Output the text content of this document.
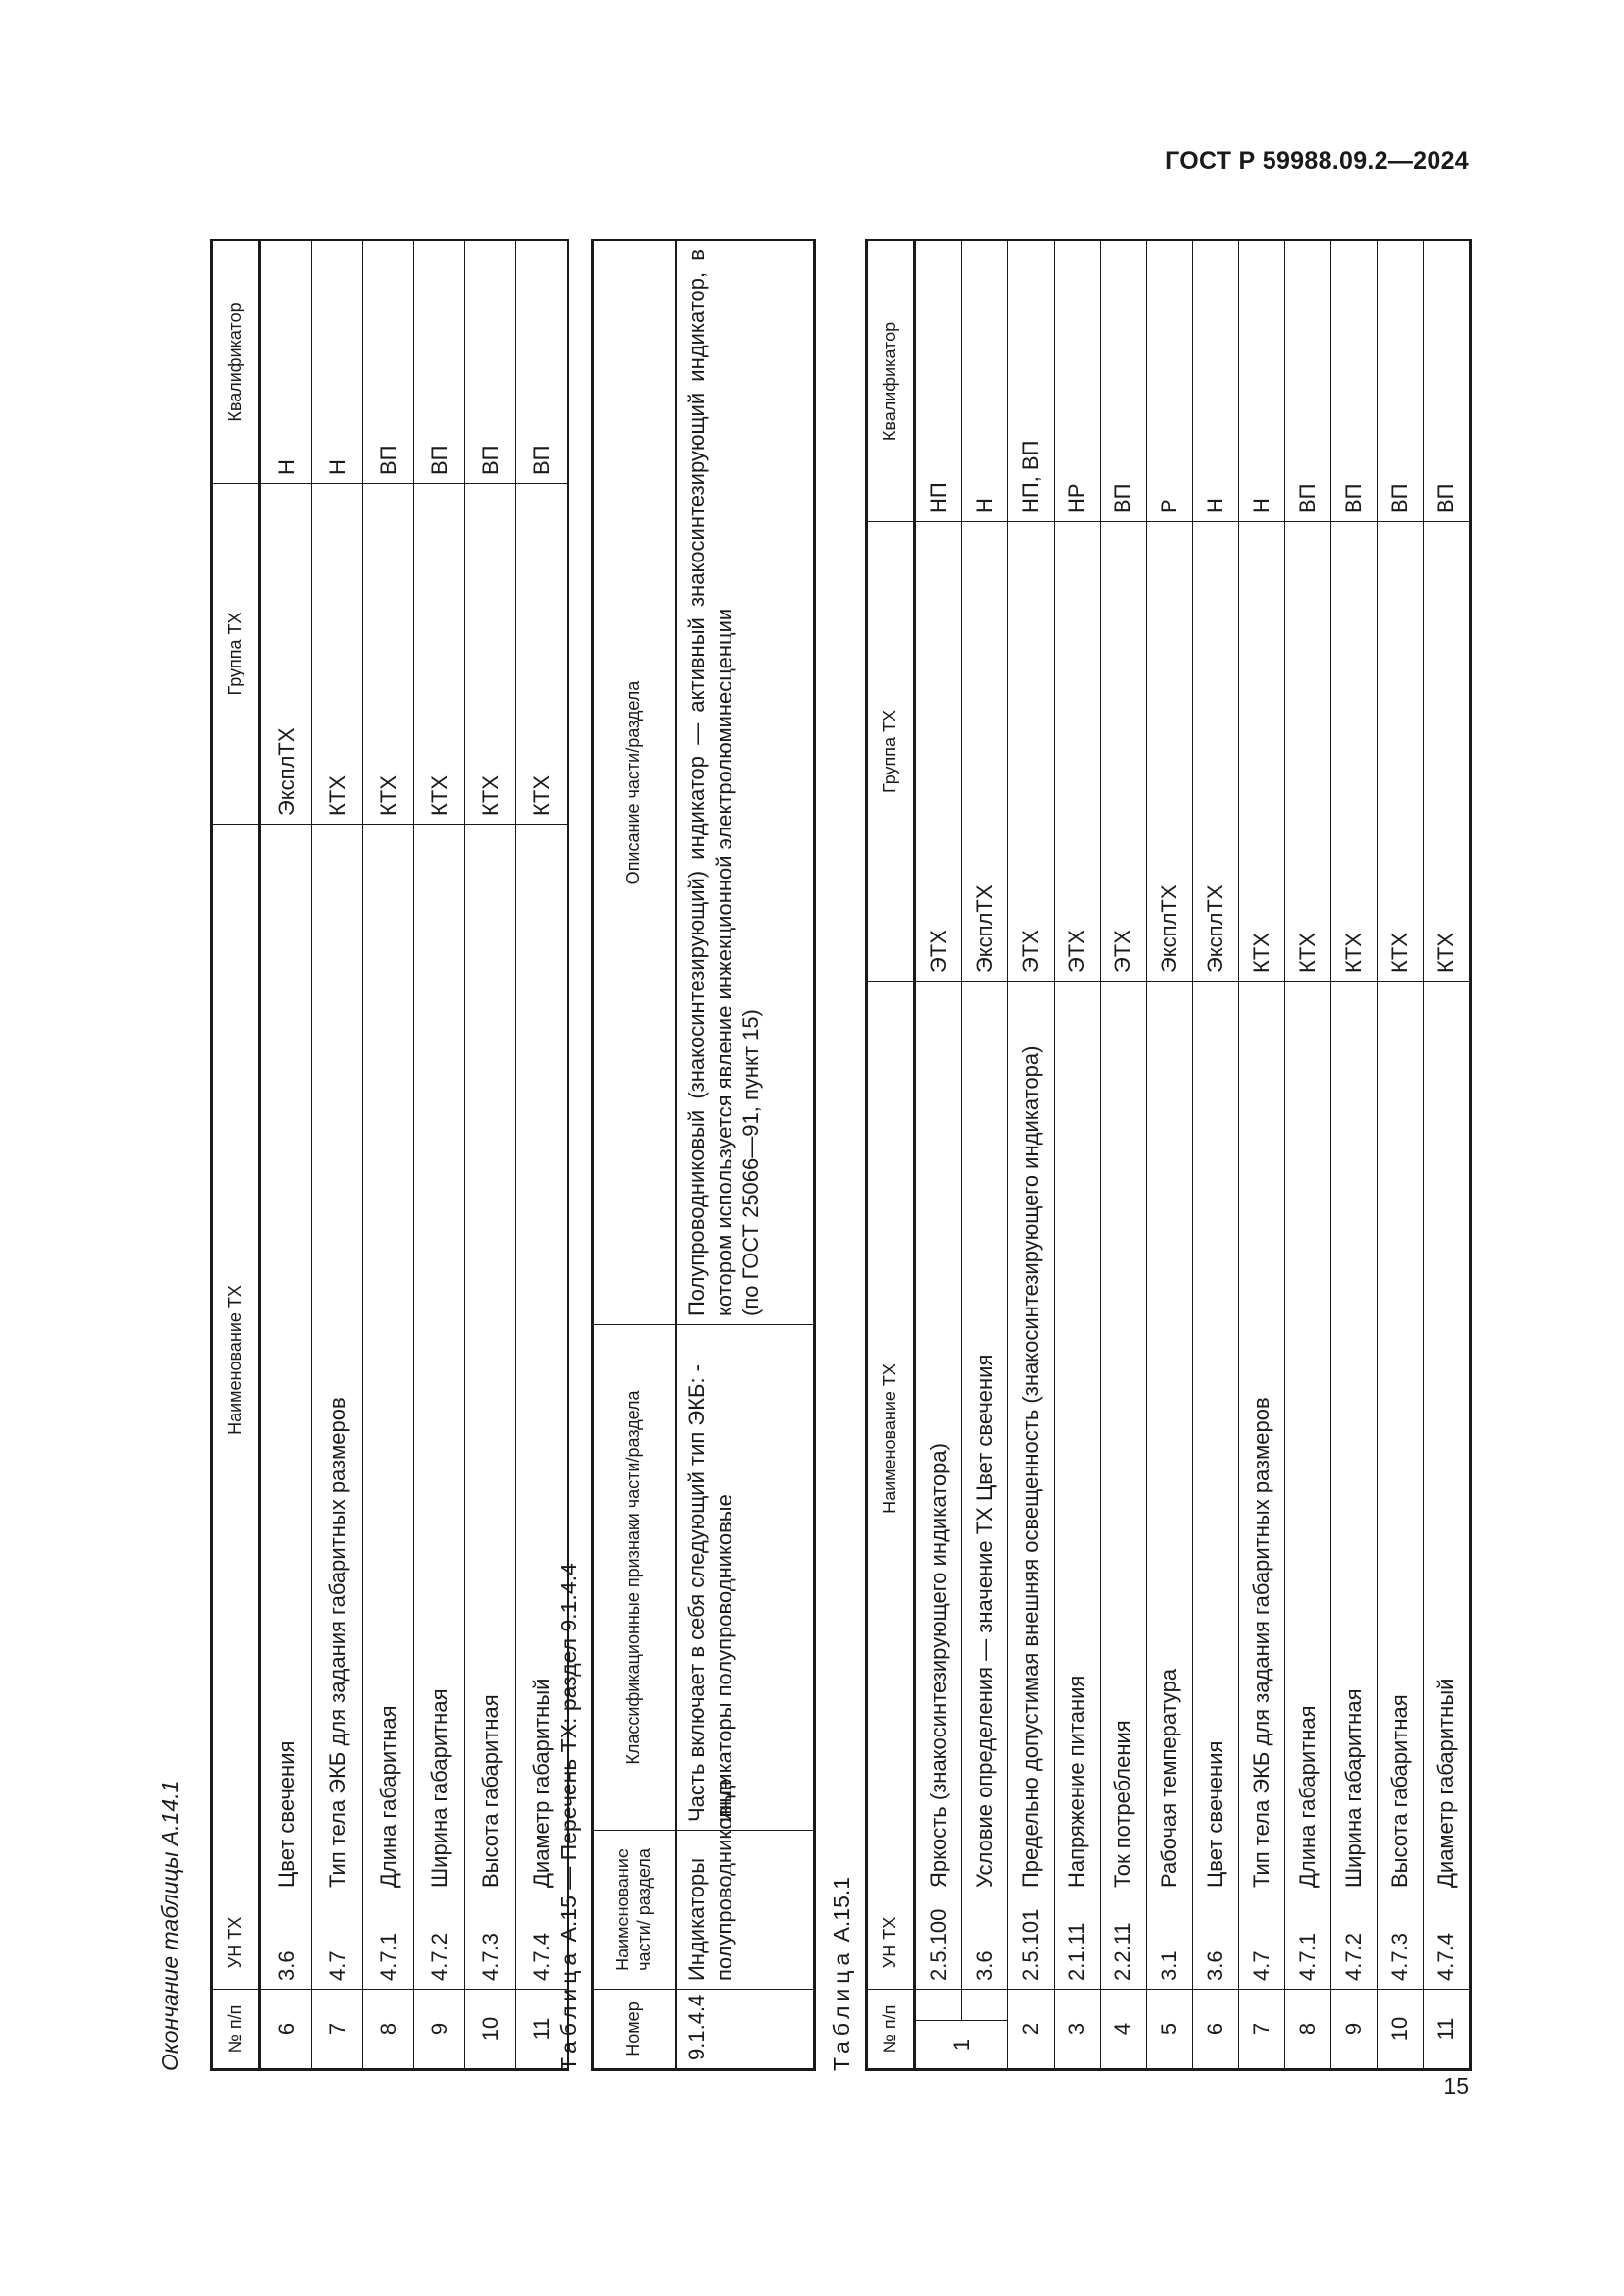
ГОСТ Р 59988.09.2—2024
Окончание таблицы А.14.1 № п/п	УН ТХ	Наименование ТХ	Группа ТХ	Квалификатор
6	3.6	Цвет свечения	ЭксплТХ	Н
7	4.7	Тип тела ЭКБ для задания габаритных размеров	КТХ	Н
8	4.7.1	Длина габаритная	КТХ	ВП
9	4.7.2	Ширина габаритная	КТХ	ВП
10	4.7.3	Высота габаритная	КТХ	ВП
11	4.7.4	Диаметр габаритный	КТХ	ВП
Таблица А.15 — Перечень ТХ: раздел 9.1.4.4
Номер	Наименование части/ раздела	Классификационные признаки части/раздела	Описание части/раздела
9.1.4.4	Индикаторы полупроводниковые	Часть включает в себя следующий тип ЭКБ: - индикаторы полупроводниковые	Полупроводниковый (знакосинтезирующий) индикатор — активный знакосинтезирующий индикатор, в котором используется явление инжекционной электролюминесценции (по ГОСТ 25066—91, пункт 15)
Таблица А.15.1
№ п/п		УН ТХ	Наименование ТХ	Группа ТХ	Квалификатор
1		2.5.100	Яркость (знакосинтезирующего индикатора)	ЭТХ	НП
		3.6	Условие определения — значение ТХ Цвет свечения	ЭксплТХ	Н
2		2.5.101	Предельно допустимая внешняя освещенность (знакосинтезирующего индикатора)	ЭТХ	НП, ВП
3		2.1.11	Напряжение питания	ЭТХ	НР
4		2.2.11	Ток потребления	ЭТХ	ВП
5		3.1	Рабочая температура	ЭксплТХ	Р
6		3.6	Цвет свечения	ЭксплТХ	Н
7		4.7	Тип тела ЭКБ для задания габаритных размеров	КТХ	Н
8		4.7.1	Длина габаритная	КТХ	ВП
9		4.7.2	Ширина габаритная	КТХ	ВП
10		4.7.3	Высота габаритная	КТХ	ВП
11		4.7.4	Диаметр габаритный	КТХ	ВП
15
